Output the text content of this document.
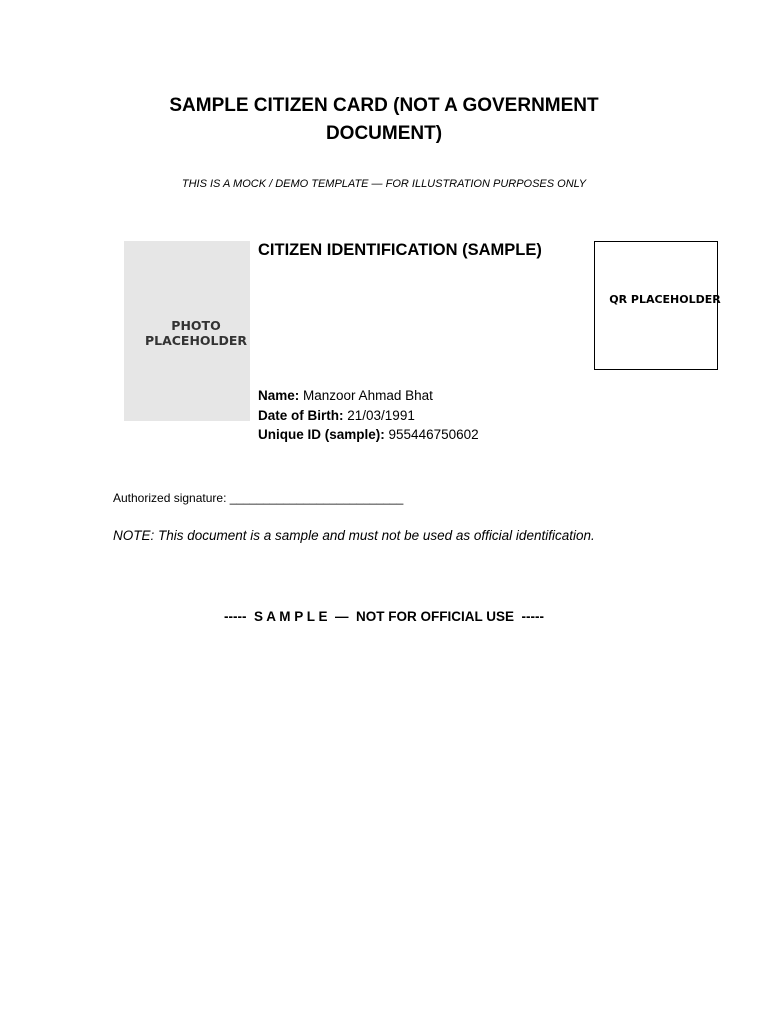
SAMPLE CITIZEN CARD (NOT A GOVERNMENT DOCUMENT)
THIS IS A MOCK / DEMO TEMPLATE — FOR ILLUSTRATION PURPOSES ONLY
PHOTO PLACEHOLDER
CITIZEN IDENTIFICATION (SAMPLE)
QR PLACEHOLDER
Name: Manzoor Ahmad Bhat
Date of Birth: 21/03/1991
Unique ID (sample): 955446750602
Authorized signature: __________________________
NOTE: This document is a sample and must not be used as official identification.
-----  S A M P L E  —  NOT FOR OFFICIAL USE  -----
